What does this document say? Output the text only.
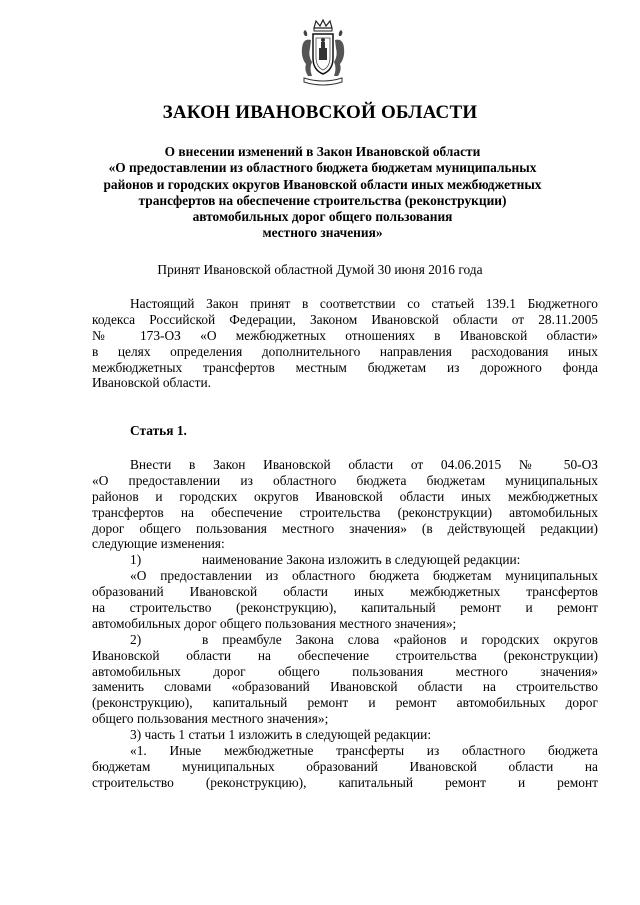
ЗАКОН ИВАНОВСКОЙ ОБЛАСТИ
О внесении изменений в Закон Ивановской области
«О предоставлении из областного бюджета бюджетам муниципальных
районов и городских округов Ивановской области иных межбюджетных
трансфертов на обеспечение строительства (реконструкции)
автомобильных дорог общего пользования
местного значения»
Принят Ивановской областной Думой 30 июня 2016 года
Настоящий Закон принят в соответствии со статьей 139.1 Бюджетного
кодекса Российской Федерации, Законом Ивановской области от 28.11.2005
№ 173-ОЗ «О межбюджетных отношениях в Ивановской области»
в целях определения дополнительного направления расходования иных
межбюджетных трансфертов местным бюджетам из дорожного фонда
Ивановской области.
Статья 1.
Внести в Закон Ивановской области от 04.06.2015 № 50-ОЗ
«О предоставлении из областного бюджета бюджетам муниципальных
районов и городских округов Ивановской области иных межбюджетных
трансфертов на обеспечение строительства (реконструкции) автомобильных
дорог общего пользования местного значения» (в действующей редакции)
следующие изменения:
1)	наименование Закона изложить в следующей редакции:
«О предоставлении из областного бюджета бюджетам муниципальных
образований Ивановской области иных межбюджетных трансфертов
на строительство (реконструкцию), капитальный ремонт и ремонт
автомобильных дорог общего пользования местного значения»;
2)	в преамбуле Закона слова «районов и городских округов
Ивановской области на обеспечение строительства (реконструкции)
автомобильных дорог общего пользования местного значения»
заменить словами «образований Ивановской области на строительство
(реконструкцию), капитальный ремонт и ремонт автомобильных дорог
общего пользования местного значения»;
3) часть 1 статьи 1 изложить в следующей редакции:
«1. Иные межбюджетные трансферты из областного бюджета
бюджетам муниципальных образований Ивановской области на
строительство (реконструкцию), капитальный ремонт и ремонт
